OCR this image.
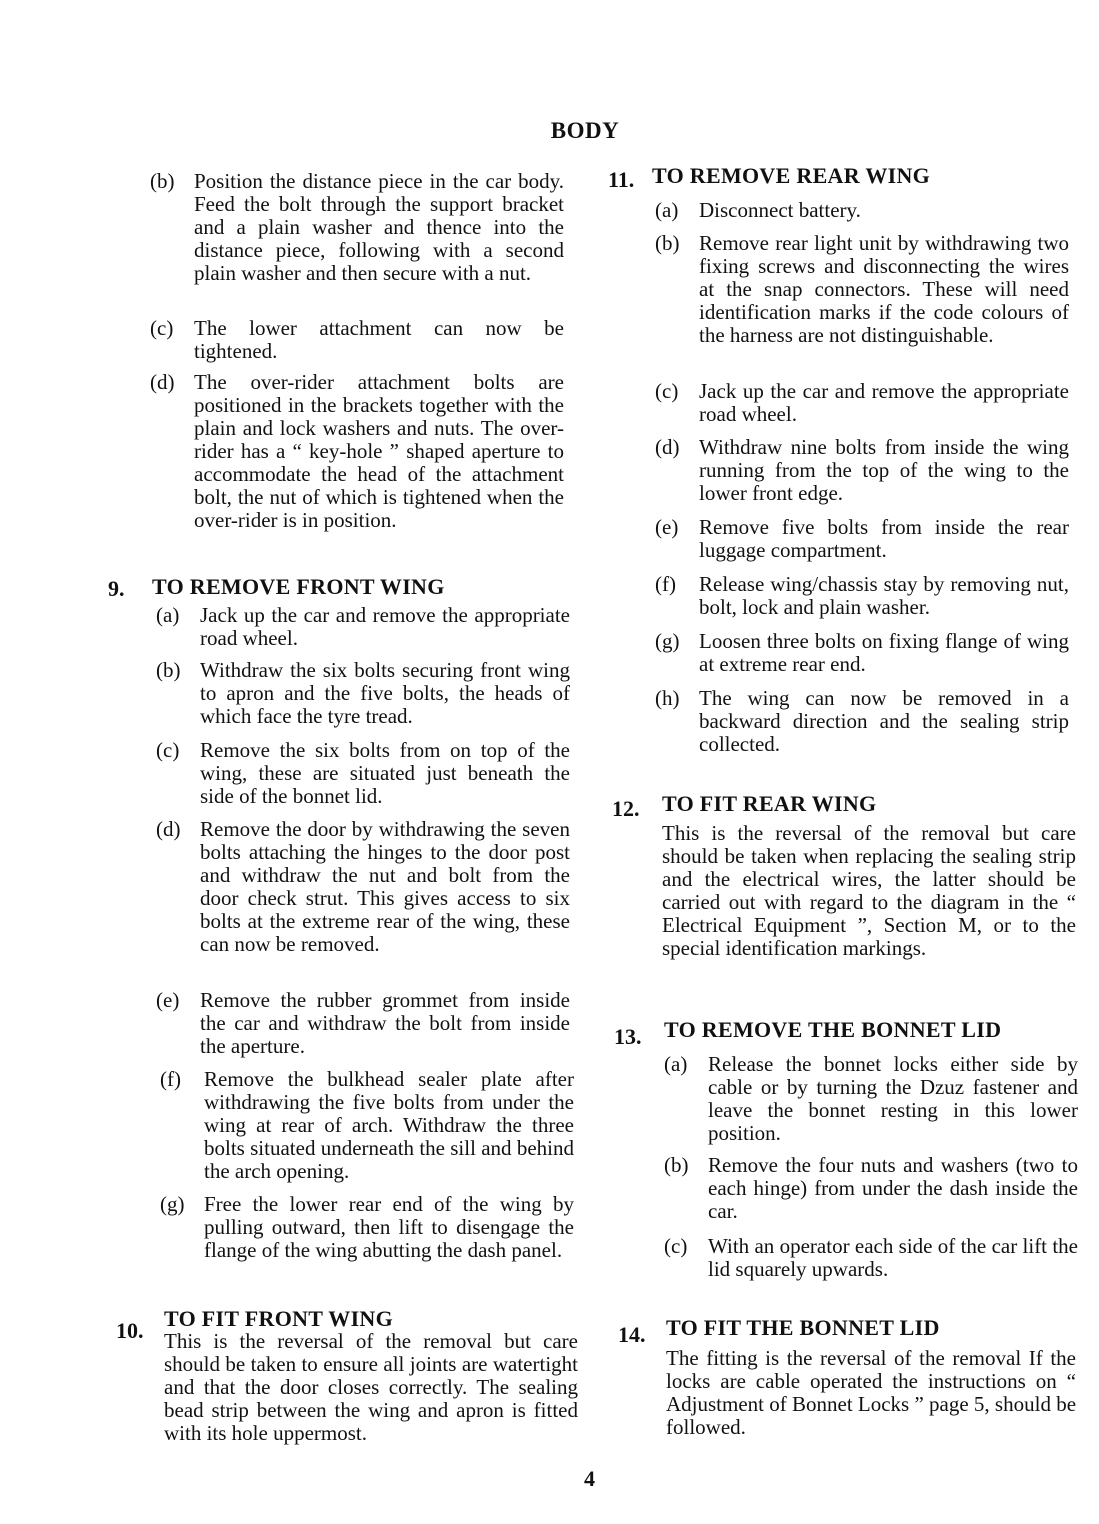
BODY
(b) Position the distance piece in the car body. Feed the bolt through the support bracket and a plain washer and thence into the distance piece, following with a second plain washer and then secure with a nut.
(c) The lower attachment can now be tightened.
(d) The over-rider attachment bolts are positioned in the brackets together with the plain and lock washers and nuts. The over-rider has a “ key-hole ” shaped aperture to accommodate the head of the attachment bolt, the nut of which is tightened when the over-rider is in position.
9. TO REMOVE FRONT WING
(a) Jack up the car and remove the appropriate road wheel.
(b) Withdraw the six bolts securing front wing to apron and the five bolts, the heads of which face the tyre tread.
(c) Remove the six bolts from on top of the wing, these are situated just beneath the side of the bonnet lid.
(d) Remove the door by withdrawing the seven bolts attaching the hinges to the door post and withdraw the nut and bolt from the door check strut. This gives access to six bolts at the extreme rear of the wing, these can now be removed.
(e) Remove the rubber grommet from inside the car and withdraw the bolt from inside the aperture.
(f) Remove the bulkhead sealer plate after withdrawing the five bolts from under the wing at rear of arch. Withdraw the three bolts situated underneath the sill and behind the arch opening.
(g) Free the lower rear end of the wing by pulling outward, then lift to disengage the flange of the wing abutting the dash panel.
10. TO FIT FRONT WING
This is the reversal of the removal but care should be taken to ensure all joints are watertight and that the door closes correctly. The sealing bead strip between the wing and apron is fitted with its hole uppermost.
11. TO REMOVE REAR WING
(a) Disconnect battery.
(b) Remove rear light unit by withdrawing two fixing screws and disconnecting the wires at the snap connectors. These will need identification marks if the code colours of the harness are not distinguishable.
(c) Jack up the car and remove the appropriate road wheel.
(d) Withdraw nine bolts from inside the wing running from the top of the wing to the lower front edge.
(e) Remove five bolts from inside the rear luggage compartment.
(f) Release wing/chassis stay by removing nut, bolt, lock and plain washer.
(g) Loosen three bolts on fixing flange of wing at extreme rear end.
(h) The wing can now be removed in a backward direction and the sealing strip collected.
12. TO FIT REAR WING
This is the reversal of the removal but care should be taken when replacing the sealing strip and the electrical wires, the latter should be carried out with regard to the diagram in the “ Electrical Equipment ”, Section M, or to the special identification markings.
13. TO REMOVE THE BONNET LID
(a) Release the bonnet locks either side by cable or by turning the Dzuz fastener and leave the bonnet resting in this lower position.
(b) Remove the four nuts and washers (two to each hinge) from under the dash inside the car.
(c) With an operator each side of the car lift the lid squarely upwards.
14. TO FIT THE BONNET LID
The fitting is the reversal of the removal If the locks are cable operated the instructions on “ Adjustment of Bonnet Locks ” page 5, should be followed.
4
